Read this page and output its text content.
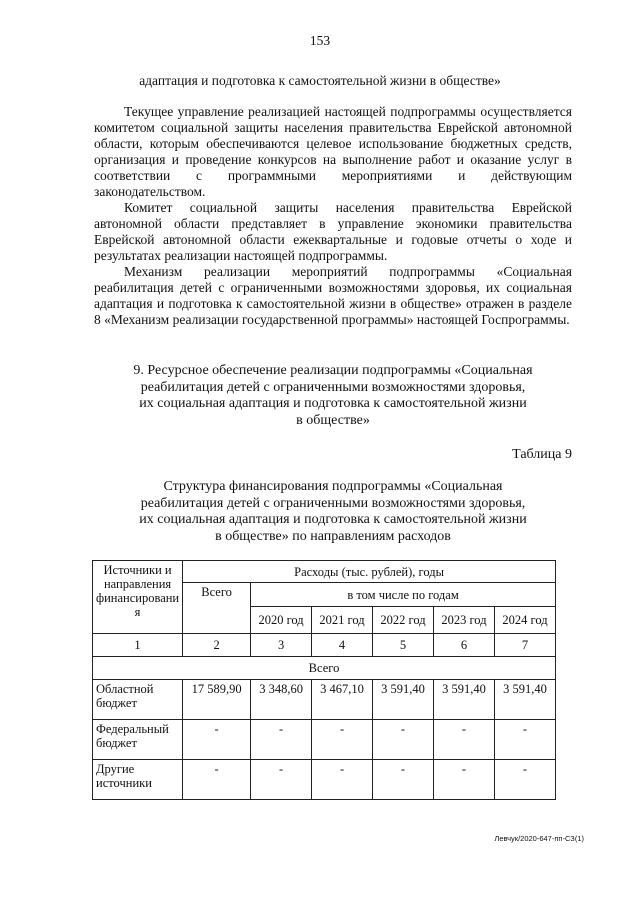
153
адаптация и подготовка к самостоятельной жизни в обществе»

Текущее управление реализацией настоящей подпрограммы осуществляется комитетом социальной защиты населения правительства Еврейской автономной области, которым обеспечиваются целевое использование бюджетных средств, организация и проведение конкурсов на выполнение работ и оказание услуг в соответствии с программными мероприятиями и действующим законодательством.

Комитет социальной защиты населения правительства Еврейской автономной области представляет в управление экономики правительства Еврейской автономной области ежеквартальные и годовые отчеты о ходе и результатах реализации настоящей подпрограммы.

Механизм реализации мероприятий подпрограммы «Социальная реабилитация детей с ограниченными возможностями здоровья, их социальная адаптация и подготовка к самостоятельной жизни в обществе» отражен в разделе 8 «Механизм реализации государственной программы» настоящей Госпрограммы.

9. Ресурсное обеспечение реализации подпрограммы «Социальная
реабилитация детей с ограниченными возможностями здоровья,
их социальная адаптация и подготовка к самостоятельной жизни
в обществе»
Таблица 9
Структура финансирования подпрограммы «Социальная
реабилитация детей с ограниченными возможностями здоровья,
их социальная адаптация и подготовка к самостоятельной жизни
в обществе» по направлениям расходов
Источники и направления финансировани я	Расходы (тыс. рублей), годы					
	Всего	в том числе по годам				
		2020 год	2021 год	2022 год	2023 год	2024 год
1	2	3	4	5	6	7
Всего						
Областной бюджет	17 589,90	3 348,60	3 467,10	3 591,40	3 591,40	3 591,40
Федеральный бюджет	-	-	-	-	-	-
Другие источники	-	-	-	-	-	-
Левчук/2020-647-пп-СЗ(1)
